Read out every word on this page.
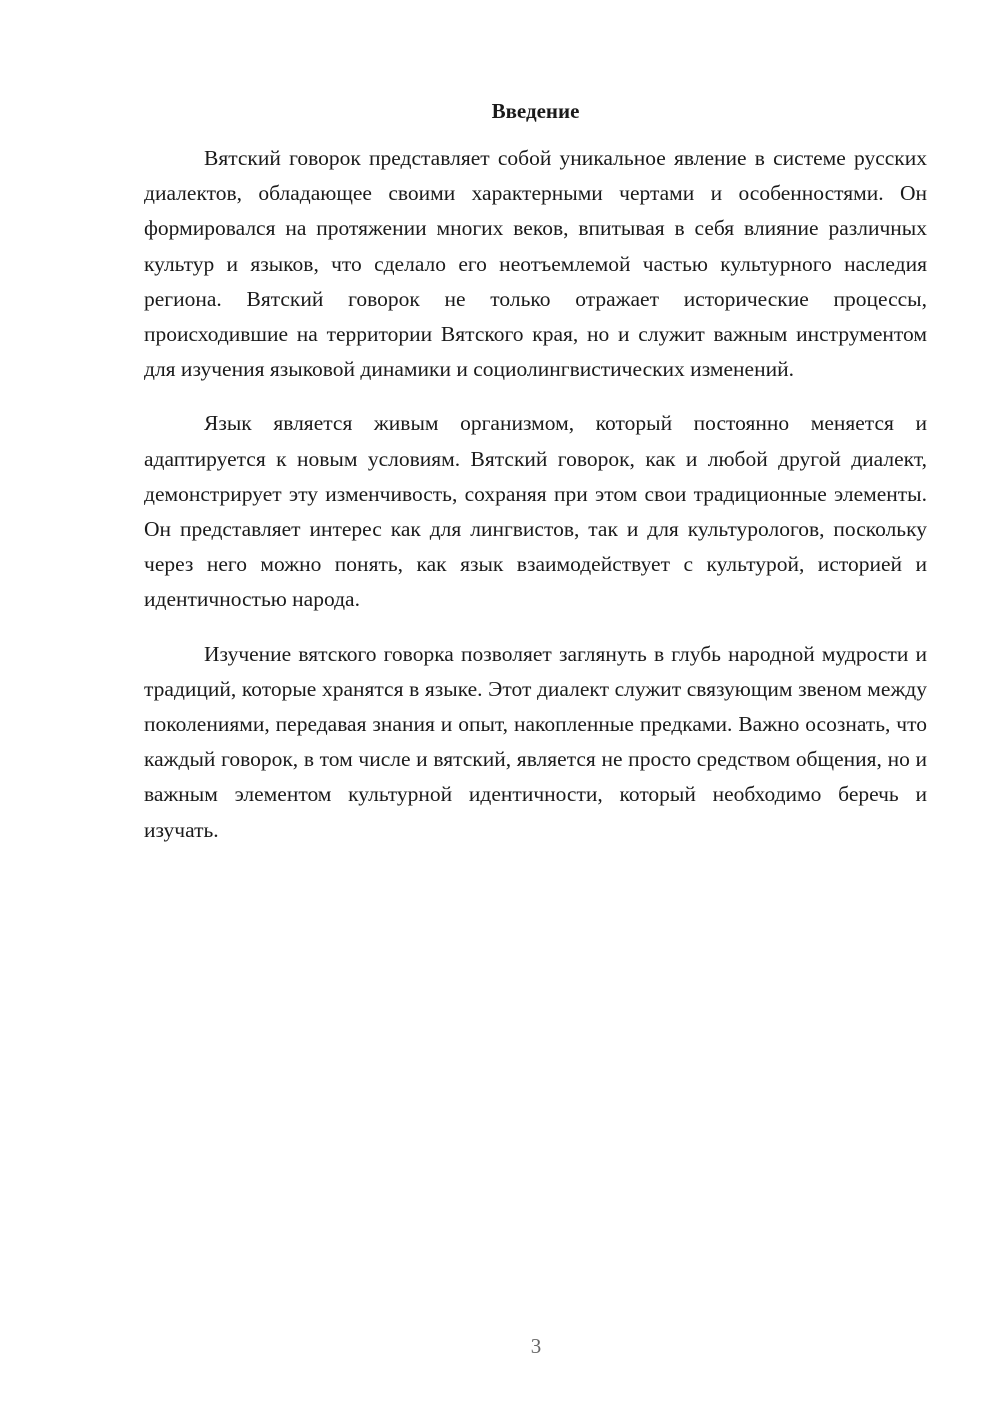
Введение

Вятский говорок представляет собой уникальное явление в системе русских диалектов, обладающее своими характерными чертами и особенностями. Он формировался на протяжении многих веков, впитывая в себя влияние различных культур и языков, что сделало его неотъемлемой частью культурного наследия региона. Вятский говорок не только отражает исторические процессы, происходившие на территории Вятского края, но и служит важным инструментом для изучения языковой динамики и социолингвистических изменений.

Язык является живым организмом, который постоянно меняется и адаптируется к новым условиям. Вятский говорок, как и любой другой диалект, демонстрирует эту изменчивость, сохраняя при этом свои традиционные элементы. Он представляет интерес как для лингвистов, так и для культурологов, поскольку через него можно понять, как язык взаимодействует с культурой, историей и идентичностью народа.

Изучение вятского говорка позволяет заглянуть в глубь народной мудрости и традиций, которые хранятся в языке. Этот диалект служит связующим звеном между поколениями, передавая знания и опыт, накопленные предками. Важно осознать, что каждый говорок, в том числе и вятский, является не просто средством общения, но и важным элементом культурной идентичности, который необходимо беречь и изучать.

3
